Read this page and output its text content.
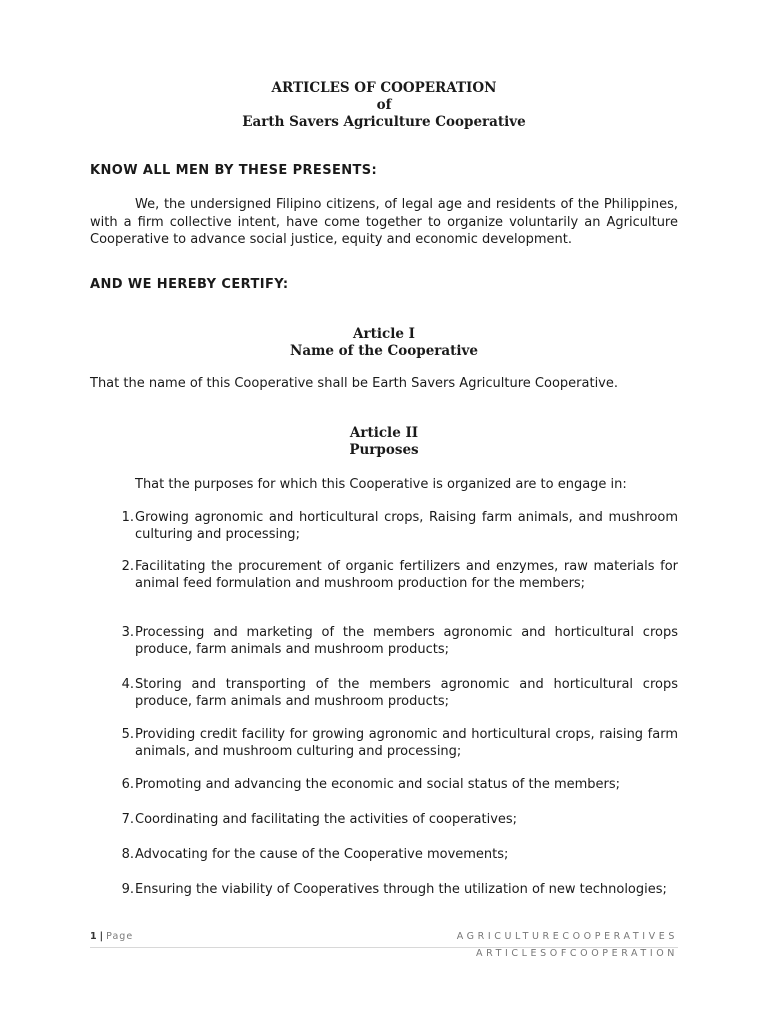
ARTICLES OF COOPERATION
of
Earth Savers Agriculture Cooperative
KNOW ALL MEN BY THESE PRESENTS:
We, the undersigned Filipino citizens, of legal age and residents of the Philippines, with a firm collective intent, have come together to organize voluntarily an Agriculture Cooperative to advance social justice, equity and economic development.
AND WE HEREBY CERTIFY:
Article I
Name of the Cooperative
That the name of this Cooperative shall be Earth Savers Agriculture Cooperative.
Article II
Purposes
That the purposes for which this Cooperative is organized are to engage in:
1. Growing agronomic and horticultural crops, Raising farm animals, and mushroom culturing and processing;
2. Facilitating the procurement of organic fertilizers and enzymes, raw materials for animal feed formulation and mushroom production for the members;
3. Processing and marketing of the members agronomic and horticultural crops produce, farm animals and mushroom products;
4. Storing and transporting of the members agronomic and horticultural crops produce, farm animals and mushroom products;
5. Providing credit facility for growing agronomic and horticultural crops, raising farm animals, and mushroom culturing and processing;
6. Promoting and advancing the economic and social status of the members;
7. Coordinating and facilitating the activities of cooperatives;
8. Advocating for the cause of the Cooperative movements;
9. Ensuring the viability of Cooperatives through the utilization of new technologies;
1 | Page	AGRICULTURECOOPERATIVES
ARTICLESOFCOOPERATION
